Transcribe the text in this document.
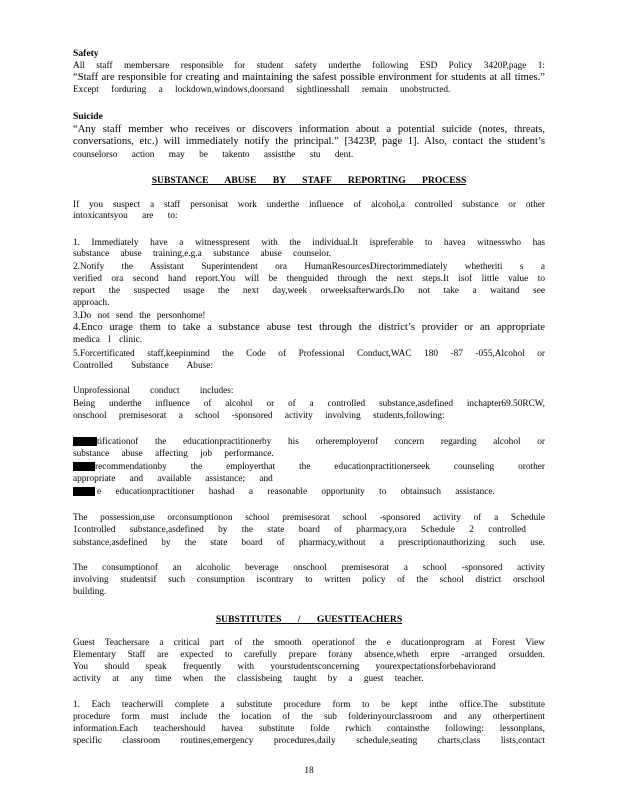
Safety
All staff membersare responsible for student safety underthe following ESD Policy 3420P,page 1:
“Staff are responsible for creating and maintaining the safest possible environment for students at all times.” Except forduring a lockdown,windows,doorsand sightlinesshall remain unobstructed.
Suicide
“Any staff member who receives or discovers information about a potential suicide (notes, threats, conversations, etc.) will immediately notify the principal.” [3423P, page 1]. Also, contact the student’s
counselorso action may be takento assistthe stu dent.
SUBSTANCE ABUSE BY STAFF REPORTING PROCESS
If you suspect a staff personisat work underthe influence of alcohol,a controlled substance or other
intoxicantsyou are to:
1. Immediately have a witnesspresent with the individual.It ispreferable to havea witnesswho has
substance abuse training,e.g.a substance abuse counselor.
2.Notify the Assistant Superintendent ora HumanResourcesDirectorimmediately whetheriti s a
verified ora second hand report.You will be thenguided through the next steps.It isof little value to
report the suspected usage the next day,week orweeksafterwards.Do not take a waitand see
approach.
3.Do not send the personhome!
4.Enco urage them to take a substance abuse test through the district’s provider or an appropriate
medica l clinic.
5.Forcertificated staff,keepinmind the Code of Professional Conduct,WAC 180 -87 -055,Alcohol or
Controlled Substance Abuse:
Unprofessional conduct includes:
Being underthe influence of alcohol or of a controlled substance,asdefined inchapter69.50RCW,
onschool premisesorat a school -sponsored activity involving students,following:
tificationof the educationpractitionerby his orheremployerof concern regarding alcohol or
substance abuse affecting job performance.
recommendationby the employerthat the educationpractitionerseek counseling orother
appropriate and available assistance; and
e educationpractitioner hashad a reasonable opportunity to obtainsuch assistance.
The possession,use orconsumptionon school premisesorat school -sponsored activity of a Schedule
1controlled substance,asdefined by the state board of pharmacy,ora Schedule 2 controlled
substance,asdefined by the state board of pharmacy,without a prescriptionauthorizing such use.
The consumptionof an alcoholic beverage onschool premisesorat a school -sponsored activity
involving studentsif such consumption iscontrary to written policy of the school district orschool
building.
SUBSTITUTES / GUESTTEACHERS
Guest Teachersare a critical part of the smooth operationof the e ducationprogram at Forest View
Elementary Staff are expected to carefully prepare forany absence,wheth erpre -arranged orsudden.
You should speak frequently with yourstudentsconcerning yourexpectationsforbehaviorand
activity at any time when the classisbeing taught by a guest teacher.
1. Each teacherwill complete a substitute procedure form to be kept inthe office.The substitute
procedure form must include the location of the sub folderinyourclassroom and any otherpertinent
information.Each teachershould havea substitute folde rwhich containsthe following: lessonplans,
specific classroom routines,emergency procedures,daily schedule,seating charts,class lists,contact
18
